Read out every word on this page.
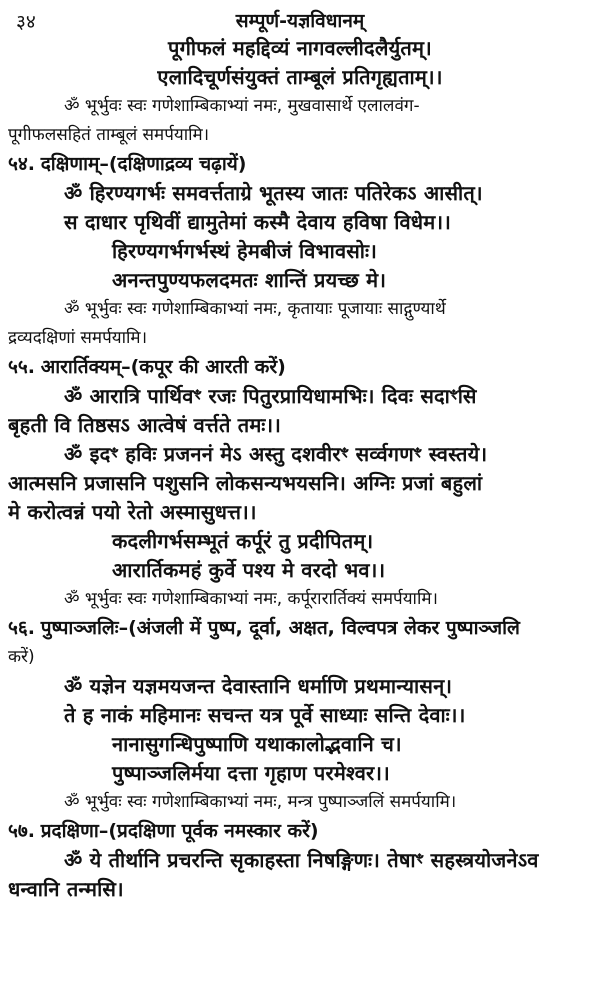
३४	सम्पूर्ण-यज्ञविधानम्
पूगीफलं महद्दिव्यं नागवल्लीदलैर्युतम्।
एलादिचूर्णसंयुक्तं ताम्बूलं प्रतिगृह्यताम्।।
ॐ भूर्भुवः स्वः गणेशाम्बिकाभ्यां नमः, मुखवासार्थे एलालवंग-
पूगीफलसहितं ताम्बूलं समर्पयामि।
५४. दक्षिणाम्–(दक्षिणाद्रव्य चढ़ायें)
ॐ हिरण्यगर्भः समवर्त्तताग्रे भूतस्य जातः पतिरेकऽ आसीत्।
स दाधार पृथिवीं द्यामुतेमां कस्मै देवाय हविषा विधेम।।
हिरण्यगर्भगर्भस्थं हेमबीजं विभावसोः।
अनन्तपुण्यफलदमतः शान्तिं प्रयच्छ मे।
ॐ भूर्भुवः स्वः गणेशाम्बिकाभ्यां नमः, कृतायाः पूजायाः साद्गुण्यार्थे
द्रव्यदक्षिणां समर्पयामि।
५५. आरार्तिक्यम्–(कपूर की आरती करें)
ॐ आरात्रि पार्थिवꣳ रजः पितुरप्रायिधामभिः। दिवः सदाꣳसि
बृहती वि तिष्ठसऽ आत्वेषं वर्त्तते तमः।।
ॐ इदꣳ हविः प्रजननं मेऽ अस्तु दशवीरꣳ सर्व्वगणꣳ स्वस्तये।
आत्मसनि प्रजासनि पशुसनि लोकसन्यभयसनि। अग्निः प्रजां बहुलां
मे करोत्वन्नं पयो रेतो अस्मासुधत्त।।
कदलीगर्भसम्भूतं कर्पूरं तु प्रदीपितम्।
आरार्तिकमहं कुर्वे पश्य मे वरदो भव।।
ॐ भूर्भुवः स्वः गणेशाम्बिकाभ्यां नमः, कर्पूरारार्तिक्यं समर्पयामि।
५६. पुष्पाञ्जलिः–(अंजली में पुष्प, दूर्वा, अक्षत, विल्वपत्र लेकर पुष्पाञ्जलि
करें)
ॐ यज्ञेन यज्ञमयजन्त देवास्तानि धर्माणि प्रथमान्यासन्।
ते ह नाकं महिमानः सचन्त यत्र पूर्वे साध्याः सन्ति देवाः।।
नानासुगन्धिपुष्पाणि यथाकालोद्भवानि च।
पुष्पाञ्जलिर्मया दत्ता गृहाण परमेश्वर।।
ॐ भूर्भुवः स्वः गणेशाम्बिकाभ्यां नमः, मन्त्र पुष्पाञ्जलिं समर्पयामि।
५७. प्रदक्षिणा–(प्रदक्षिणा पूर्वक नमस्कार करें)
ॐ ये तीर्थानि प्रचरन्ति सृकाहस्ता निषङ्गिणः। तेषाꣳ सहस्त्रयोजनेऽव
धन्वानि तन्मसि।
